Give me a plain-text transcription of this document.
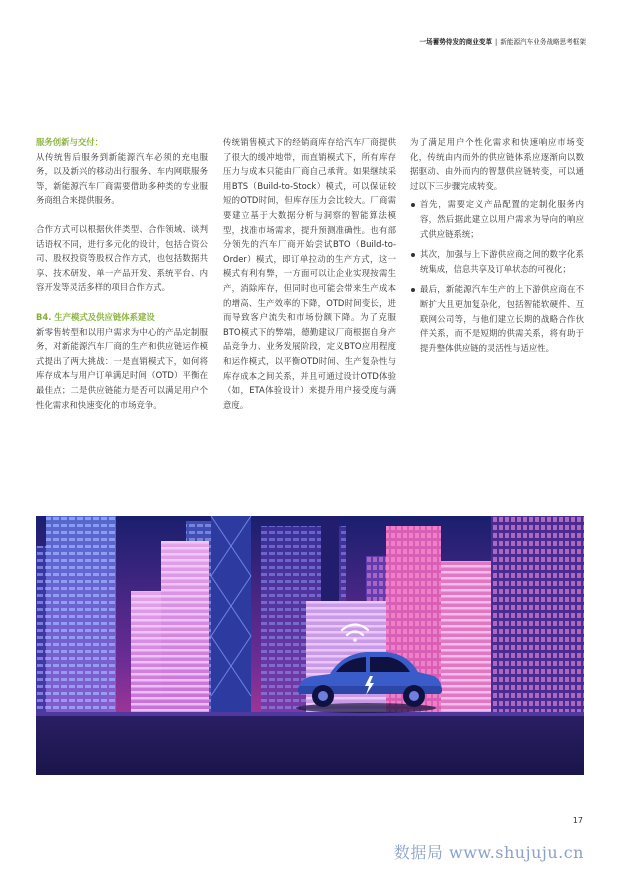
一场蓄势待发的商业变革 | 新能源汽车业务战略思考框架

服务创新与交付：

从传统售后服务到新能源汽车必须的充电服务，以及新兴的移动出行服务、车内网联服务等，新能源汽车厂商需要借助多种类的专业服务商组合来提供服务。

合作方式可以根据伙伴类型、合作领域、谈判话语权不同，进行多元化的设计，包括合资公司、股权投资等股权合作方式，也包括数据共享、技术研发、单一产品开发、系统平台、内容开发等灵活多样的项目合作方式。

B4. 生产模式及供应链体系建设

新零售转型和以用户需求为中心的产品定制服务，对新能源汽车厂商的生产和供应链运作模式提出了两大挑战：一是直销模式下，如何将库存成本与用户订单满足时间（OTD）平衡在最佳点；二是供应链能力是否可以满足用户个性化需求和快速变化的市场竞争。

传统销售模式下的经销商库存给汽车厂商提供了很大的缓冲地带，而直销模式下，所有库存压力与成本只能由厂商自己承背。如果继续采用BTS（Build-to-Stock）模式，可以保证较短的OTD时间，但库存压力会比较大。厂商需要建立基于大数据分析与洞察的智能算法模型，找准市场需求，提升预测准确性。也有部分领先的汽车厂商开始尝试BTO（Build-to-Order）模式，即订单拉动的生产方式，这一模式有利有弊，一方面可以让企业实现按需生产，消除库存，但同时也可能会带来生产成本的增高、生产效率的下降，OTD时间变长，进而导致客户流失和市场份额下降。为了克服BTO模式下的弊端，德勤建议厂商根据自身产品竞争力、业务发展阶段，定义BTO应用程度和运作模式，以平衡OTD时间、生产复杂性与库存成本之间关系，并且可通过设计OTD体验（如，ETA体验设计）来提升用户接受度与满意度。

为了满足用户个性化需求和快速响应市场变化，传统由内而外的供应链体系应逐渐向以数据驱动、由外而内的智慧供应链转变，可以通过以下三步骤完成转变。

首先，需要定义产品配置的定制化服务内容，然后据此建立以用户需求为导向的响应式供应链系统；
其次，加强与上下游供应商之间的数字化系统集成，信息共享及订单状态的可视化；
最后，新能源汽车生产的上下游供应商在不断扩大且更加复杂化，包括智能软硬件、互联网公司等，与他们建立长期的战略合作伙伴关系，而不是短期的供需关系，将有助于提升整体供应链的灵活性与适应性。
17
数据局 www.shujuju.cn
